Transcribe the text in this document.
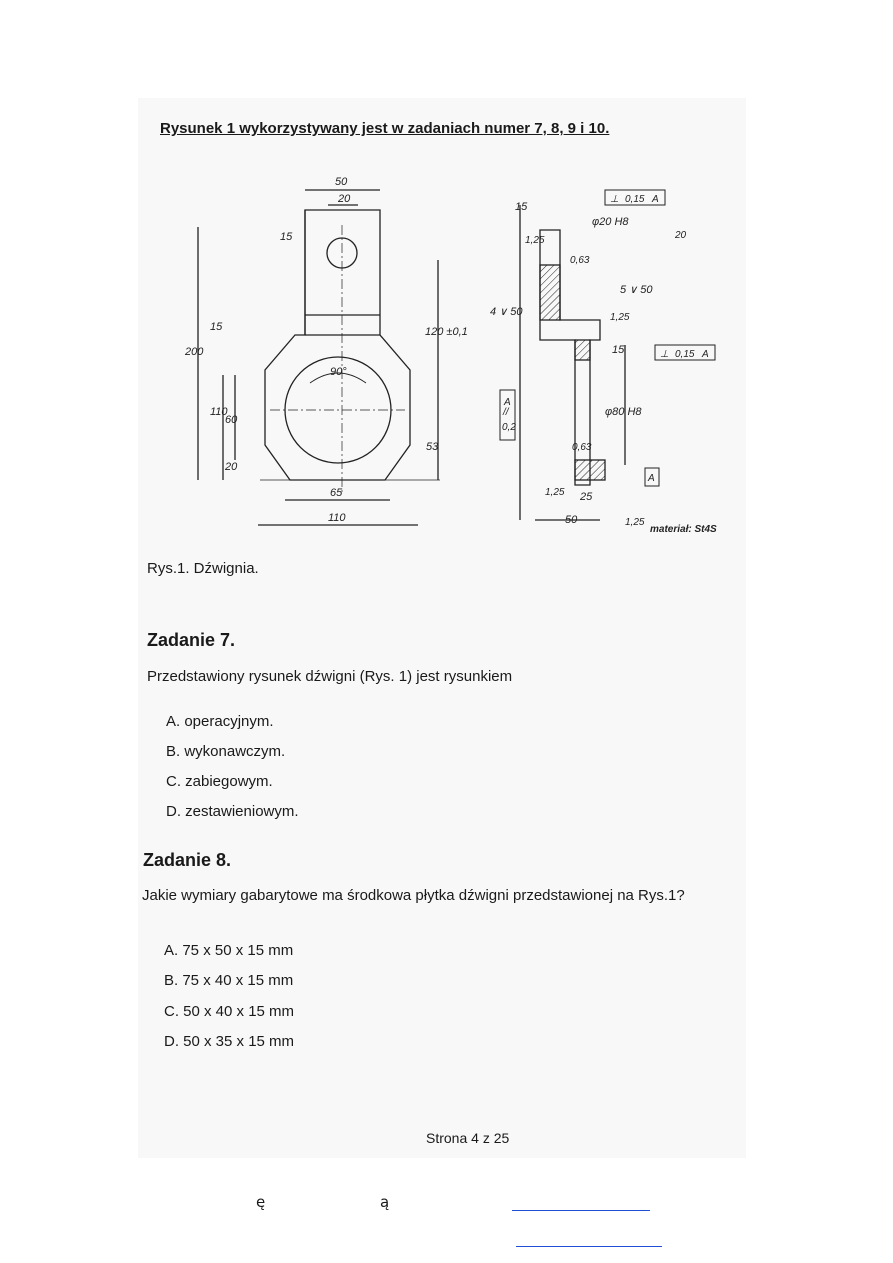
Rysunek 1 wykorzystywany jest w zadaniach numer 7, 8, 9 i 10.
50
20
15
15
200
110
60
20
120 ±0,1
53
65
110
90°
15
φ20 H8
φ80 H8
15
25
50
4 ∨ 50
5 ∨ 50
⊥ 0,15 A
⊥ 0,15 A
//
0,2
A
A
1,25
0,63
1,25
0,63
1,25
1,25
20
materiał: St4S
Rys.1. Dźwignia.
Zadanie 7.
Przedstawiony rysunek dźwigni (Rys. 1) jest rysunkiem
A. operacyjnym.
B. wykonawczym.
C. zabiegowym.
D. zestawieniowym.
Zadanie 8.
Jakie wymiary gabarytowe ma środkowa płytka dźwigni przedstawionej na Rys.1?
A. 75 x 50 x 15 mm
B. 75 x 40 x 15 mm
C. 50 x 40 x 15 mm
D. 50 x 35 x 15 mm
Strona 4 z 25
ę	ą
